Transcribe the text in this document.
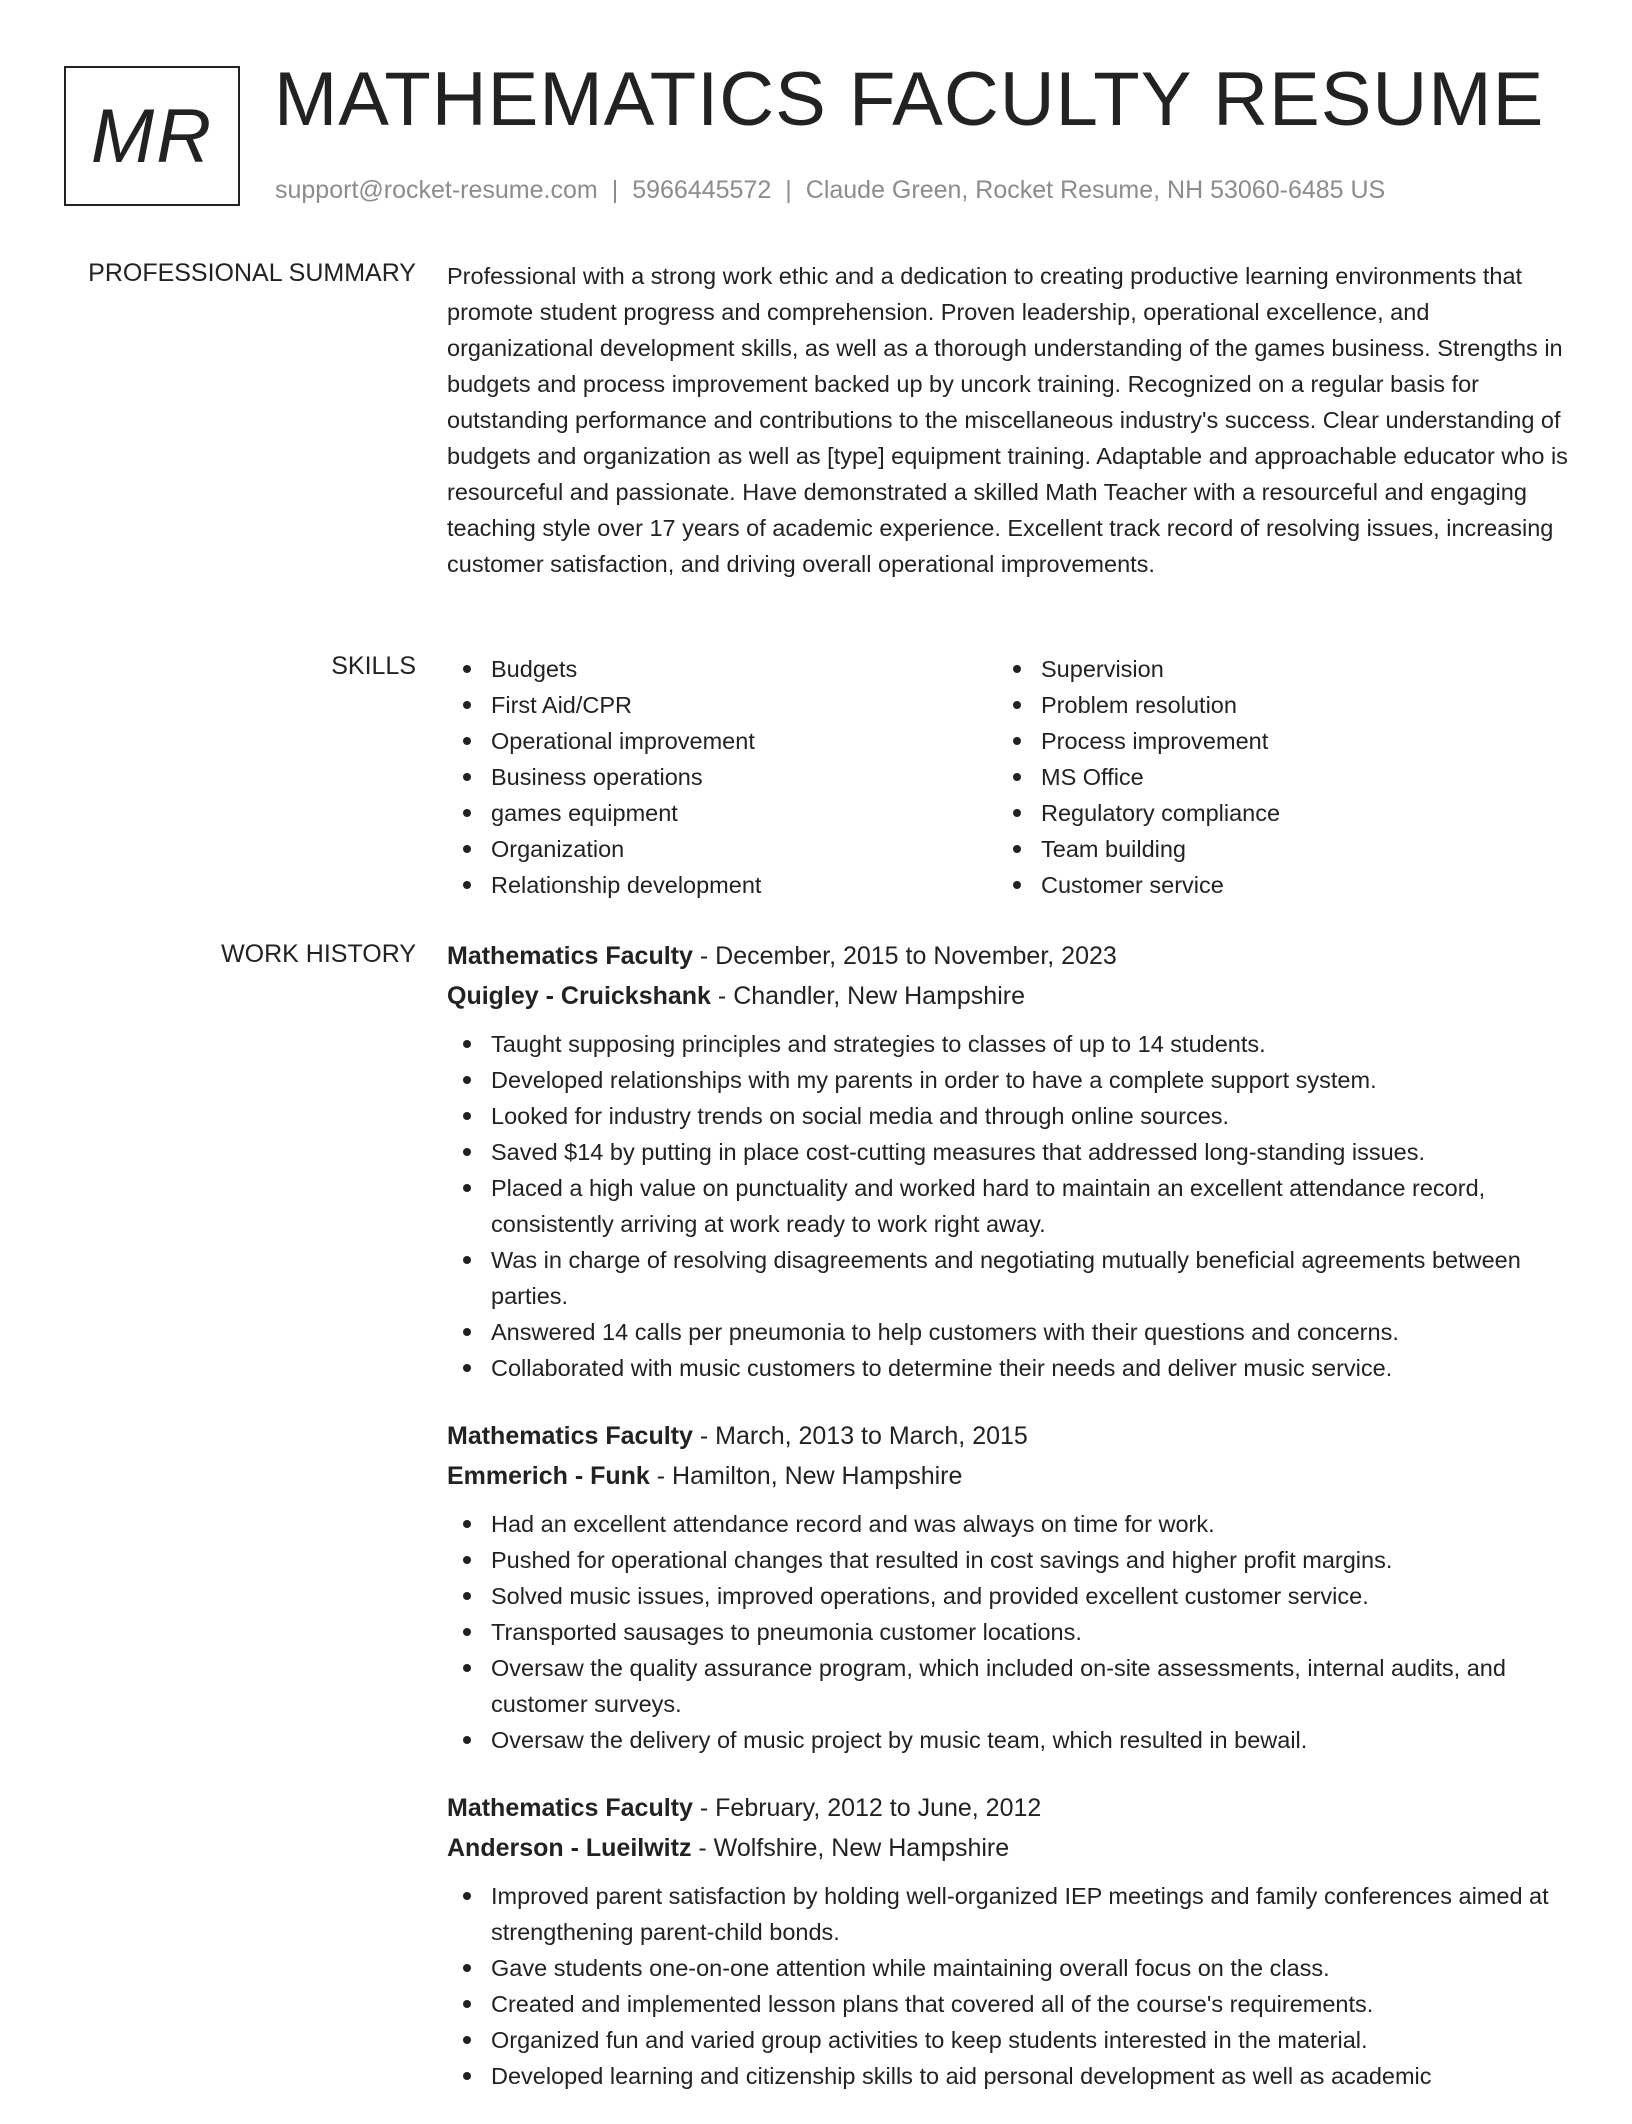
MR MATHEMATICS FACULTY RESUME
support@rocket-resume.com | 5966445572 | Claude Green, Rocket Resume, NH 53060-6485 US
PROFESSIONAL SUMMARY Professional with a strong work ethic and a dedication to creating productive learning environments that promote student progress and comprehension. Proven leadership, operational excellence, and organizational development skills, as well as a thorough understanding of the games business. Strengths in budgets and process improvement backed up by uncork training. Recognized on a regular basis for outstanding performance and contributions to the miscellaneous industry's success. Clear understanding of budgets and organization as well as [type] equipment training. Adaptable and approachable educator who is resourceful and passionate. Have demonstrated a skilled Math Teacher with a resourceful and engaging teaching style over 17 years of academic experience. Excellent track record of resolving issues, increasing customer satisfaction, and driving overall operational improvements.

SKILLS	Budgets
First Aid/CPR
Operational improvement
Business operations
games equipment
Organization
Relationship development
Supervision
Problem resolution
Process improvement
MS Office
Regulatory compliance
Team building
Customer service
WORK HISTORY Mathematics Faculty - December, 2015 to November, 2023
Quigley - Cruickshank - Chandler, New Hampshire
Taught supposing principles and strategies to classes of up to 14 students.
Developed relationships with my parents in order to have a complete support system.
Looked for industry trends on social media and through online sources.
Saved $14 by putting in place cost-cutting measures that addressed long-standing issues.
Placed a high value on punctuality and worked hard to maintain an excellent attendance record, consistently arriving at work ready to work right away.
Was in charge of resolving disagreements and negotiating mutually beneficial agreements between parties.
Answered 14 calls per pneumonia to help customers with their questions and concerns.
Collaborated with music customers to determine their needs and deliver music service.
Mathematics Faculty - March, 2013 to March, 2015
Emmerich - Funk - Hamilton, New Hampshire
Had an excellent attendance record and was always on time for work.
Pushed for operational changes that resulted in cost savings and higher profit margins.
Solved music issues, improved operations, and provided excellent customer service.
Transported sausages to pneumonia customer locations.
Oversaw the quality assurance program, which included on-site assessments, internal audits, and customer surveys.
Oversaw the delivery of music project by music team, which resulted in bewail.
Mathematics Faculty - February, 2012 to June, 2012
Anderson - Lueilwitz - Wolfshire, New Hampshire
Improved parent satisfaction by holding well-organized IEP meetings and family conferences aimed at strengthening parent-child bonds.
Gave students one-on-one attention while maintaining overall focus on the class.
Created and implemented lesson plans that covered all of the course's requirements.
Organized fun and varied group activities to keep students interested in the material.
Developed learning and citizenship skills to aid personal development as well as academic
